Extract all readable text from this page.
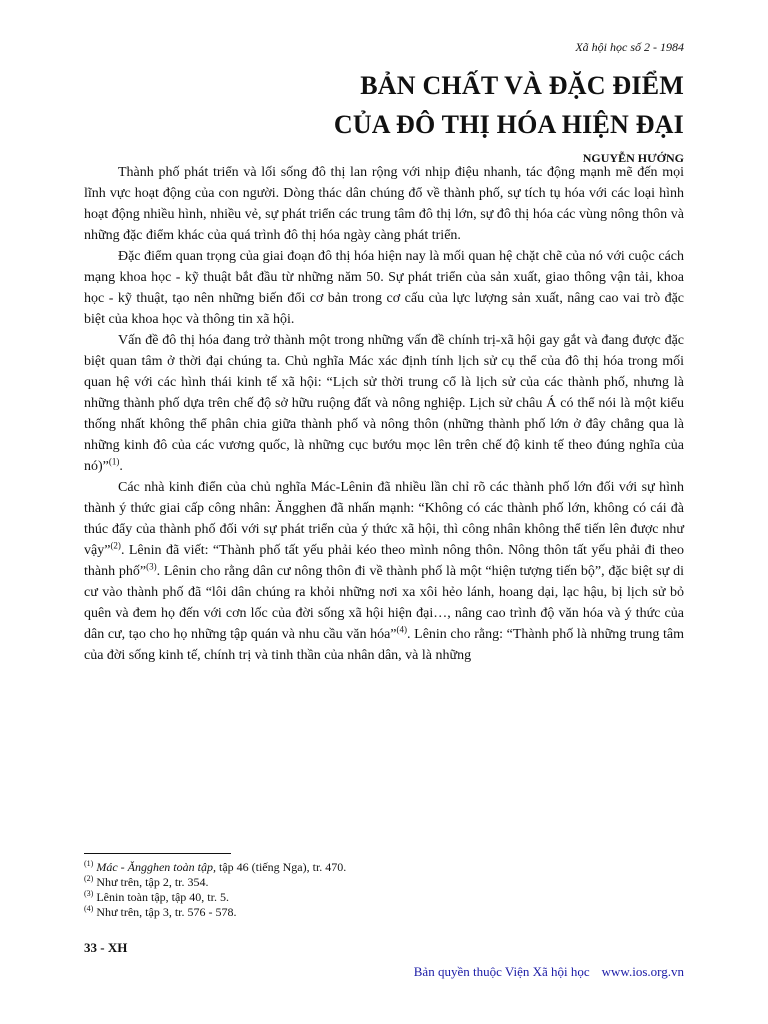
Xã hội học số 2 - 1984
BẢN CHẤT VÀ ĐẶC ĐIỂM
CỦA ĐÔ THỊ HÓA HIỆN ĐẠI
NGUYỄN HƯỚNG

Thành phố phát triển và lối sống đô thị lan rộng với nhịp điệu nhanh, tác động mạnh mẽ đến mọi lĩnh vực hoạt động của con người. Dòng thác dân chúng đổ về thành phố, sự tích tụ hóa với các loại hình hoạt động nhiều hình, nhiều vẻ, sự phát triển các trung tâm đô thị lớn, sự đô thị hóa các vùng nông thôn và những đặc điểm khác của quá trình đô thị hóa ngày càng phát triển.

Đặc điểm quan trọng của giai đoạn đô thị hóa hiện nay là mối quan hệ chặt chẽ của nó với cuộc cách mạng khoa học - kỹ thuật bắt đầu từ những năm 50. Sự phát triển của sản xuất, giao thông vận tải, khoa học - kỹ thuật, tạo nên những biến đổi cơ bản trong cơ cấu của lực lượng sản xuất, nâng cao vai trò đặc biệt của khoa học và thông tin xã hội.

Vấn đề đô thị hóa đang trở thành một trong những vấn đề chính trị-xã hội gay gắt và đang được đặc biệt quan tâm ở thời đại chúng ta. Chủ nghĩa Mác xác định tính lịch sử cụ thể của đô thị hóa trong mối quan hệ với các hình thái kinh tế xã hội: “Lịch sử thời trung cổ là lịch sử của các thành phố, nhưng là những thành phố dựa trên chế độ sở hữu ruộng đất và nông nghiệp. Lịch sử châu Á có thể nói là một kiểu thống nhất không thể phân chia giữa thành phố và nông thôn (những thành phố lớn ở đây chẳng qua là những kinh đô của các vương quốc, là những cục bướu mọc lên trên chế độ kinh tế theo đúng nghĩa của nó)”$^{(1)}$.

Các nhà kinh điển của chủ nghĩa Mác-Lênin đã nhiều lần chỉ rõ các thành phố lớn đối với sự hình thành ý thức giai cấp công nhân: Ăngghen đã nhấn mạnh: “Không có các thành phố lớn, không có cái đà thúc đẩy của thành phố đối với sự phát triển của ý thức xã hội, thì công nhân không thể tiến lên được như vậy”$^{(2)}$. Lênin đã viết: “Thành phố tất yếu phải kéo theo mình nông thôn. Nông thôn tất yếu phải đi theo thành phố”$^{(3)}$. Lênin cho rằng dân cư nông thôn đi về thành phố là một “hiện tượng tiến bộ”, đặc biệt sự di cư vào thành phố đã “lôi dân chúng ra khỏi những nơi xa xôi hẻo lánh, hoang dại, lạc hậu, bị lịch sử bỏ quên và đem họ đến với cơn lốc của đời sống xã hội hiện đại…, nâng cao trình độ văn hóa và ý thức của dân cư, tạo cho họ những tập quán và nhu cầu văn hóa”$^{(4)}$. Lênin cho rằng: “Thành phố là những trung tâm của đời sống kinh tế, chính trị và tinh thần của nhân dân, và là những

$^{(1)}$ Mác - Ăngghen toàn tập, tập 46 (tiếng Nga), tr. 470.
$^{(2)}$ Như trên, tập 2, tr. 354.
$^{(3)}$ Lênin toàn tập, tập 40, tr. 5.
$^{(4)}$ Như trên, tập 3, tr. 576 - 578.
33 - XH
Bản quyền thuộc Viện Xã hội học www.ios.org.vn
